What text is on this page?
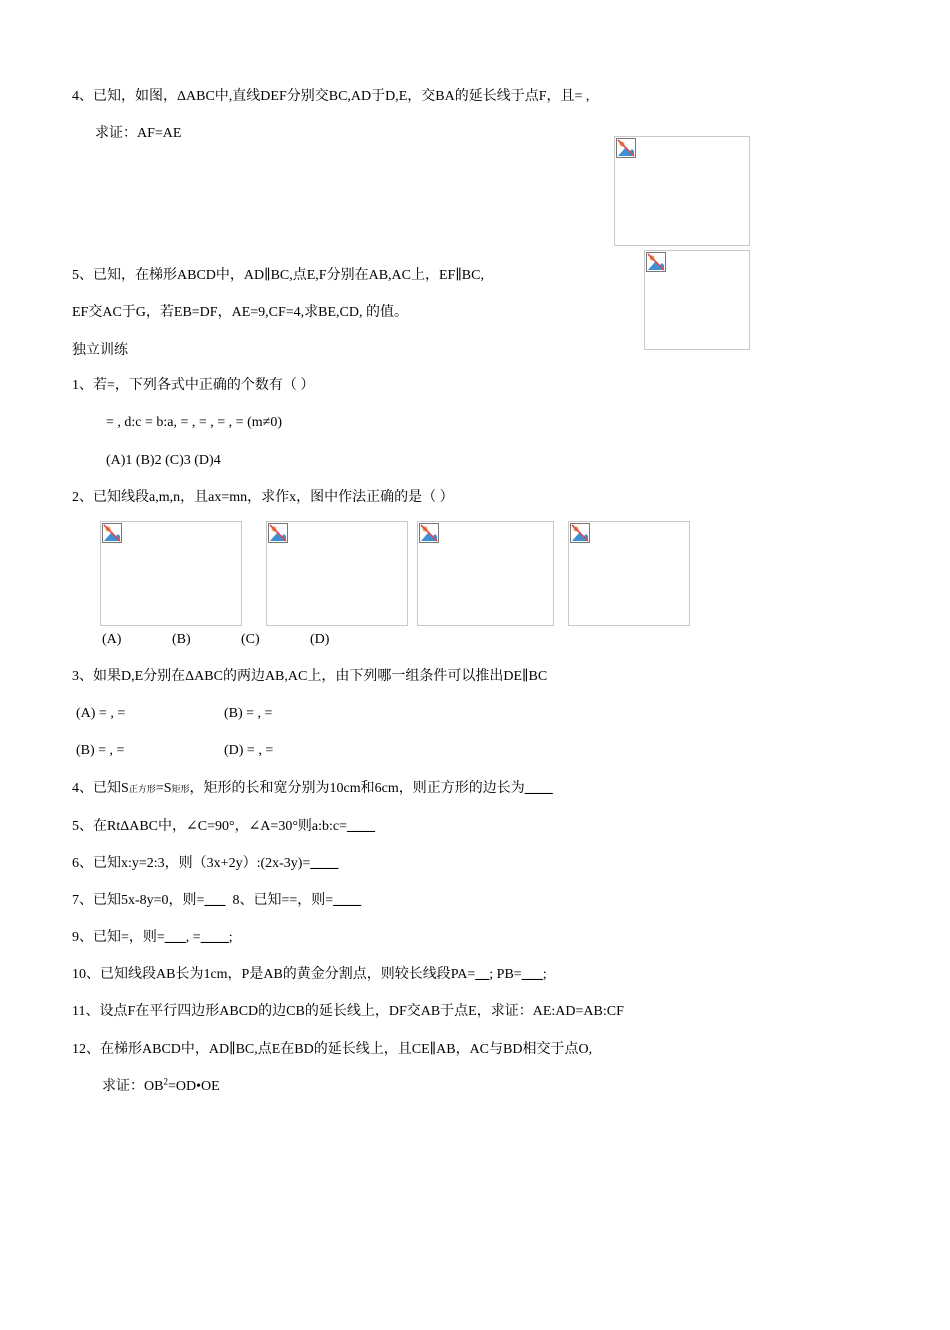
4、已知，如图，ΔABC中,直线DEF分别交BC,AD于D,E，交BA的延长线于点F，且= ,
求证：AF=AE
5、已知，在梯形ABCD中，AD∥BC,点E,F分别在AB,AC上，EF∥BC,
EF交AC于G，若EB=DF，AE=9,CF=4,求BE,CD, 的值。
独立训练
1、若=，下列各式中正确的个数有（ ）
= , d:c = b:a, = , = , = , = (m≠0)
(A)1 (B)2 (C)3 (D)4
2、已知线段a,m,n，且ax=mn，求作x，图中作法正确的是（ ）
(A)	(B)	(C)	(D)
3、如果D,E分别在ΔABC的两边AB,AC上，由下列哪一组条件可以推出DE∥BC
(A) = , =	(B) = , =
(B) = , =	(D) = , =
4、已知S正方形=S矩形，矩形的长和宽分别为10cm和6cm，则正方形的边长为____
5、在RtΔABC中，∠C=90°，∠A=30°则a:b:c=____
6、已知x:y=2:3，则（3x+2y）:(2x-3y)=____
7、已知5x-8y=0，则=___  8、已知==，则=____
9、已知=，则=___, =____;
10、已知线段AB长为1cm，P是AB的黄金分割点，则较长线段PA=__; PB=___;
11、设点F在平行四边形ABCD的边CB的延长线上，DF交AB于点E，求证：AE:AD=AB:CF
12、在梯形ABCD中，AD∥BC,点E在BD的延长线上，且CE∥AB，AC与BD相交于点O,
求证：$OB^2=OD•OE$
